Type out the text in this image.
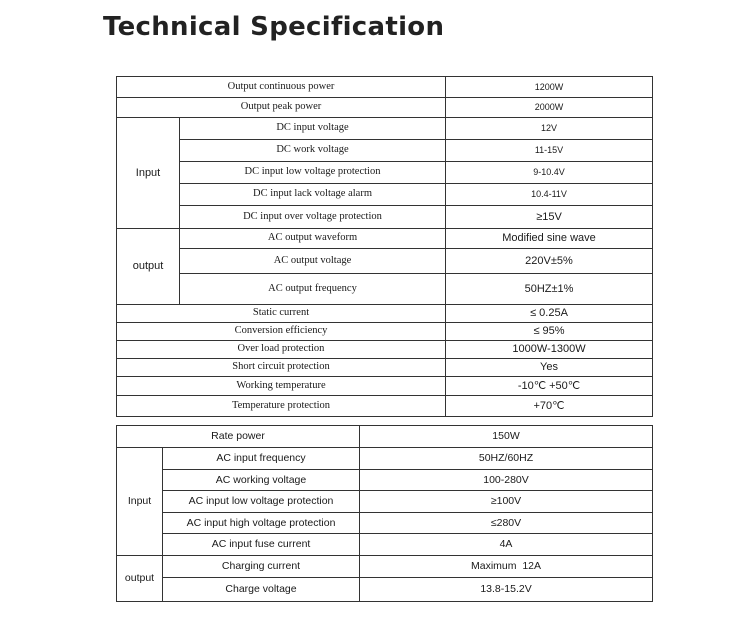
Technical Specification
Output continuous power		1200W
Output peak power		2000W
Input	DC input voltage	12V
	DC work voltage	11-15V
	DC input low voltage protection	9-10.4V
	DC input lack voltage alarm	10.4-11V
	DC input over voltage protection	≥15V
output	AC output waveform	Modified sine wave
	AC output voltage	220V±5%
	AC output frequency	50HZ±1%
Static current		≤ 0.25A
Conversion efficiency		≤ 95%
Over load protection		1000W-1300W
Short circuit protection		Yes
Working temperature		-10℃ +50℃
Temperature protection		+70℃
Rate power		150W
Input	AC input frequency	50HZ/60HZ
	AC working voltage	100-280V
	AC input low voltage protection	≥100V
	AC input high voltage protection	≤280V
	AC input fuse current	4A
output	Charging current	Maximum  12A
	Charge voltage	13.8-15.2V
